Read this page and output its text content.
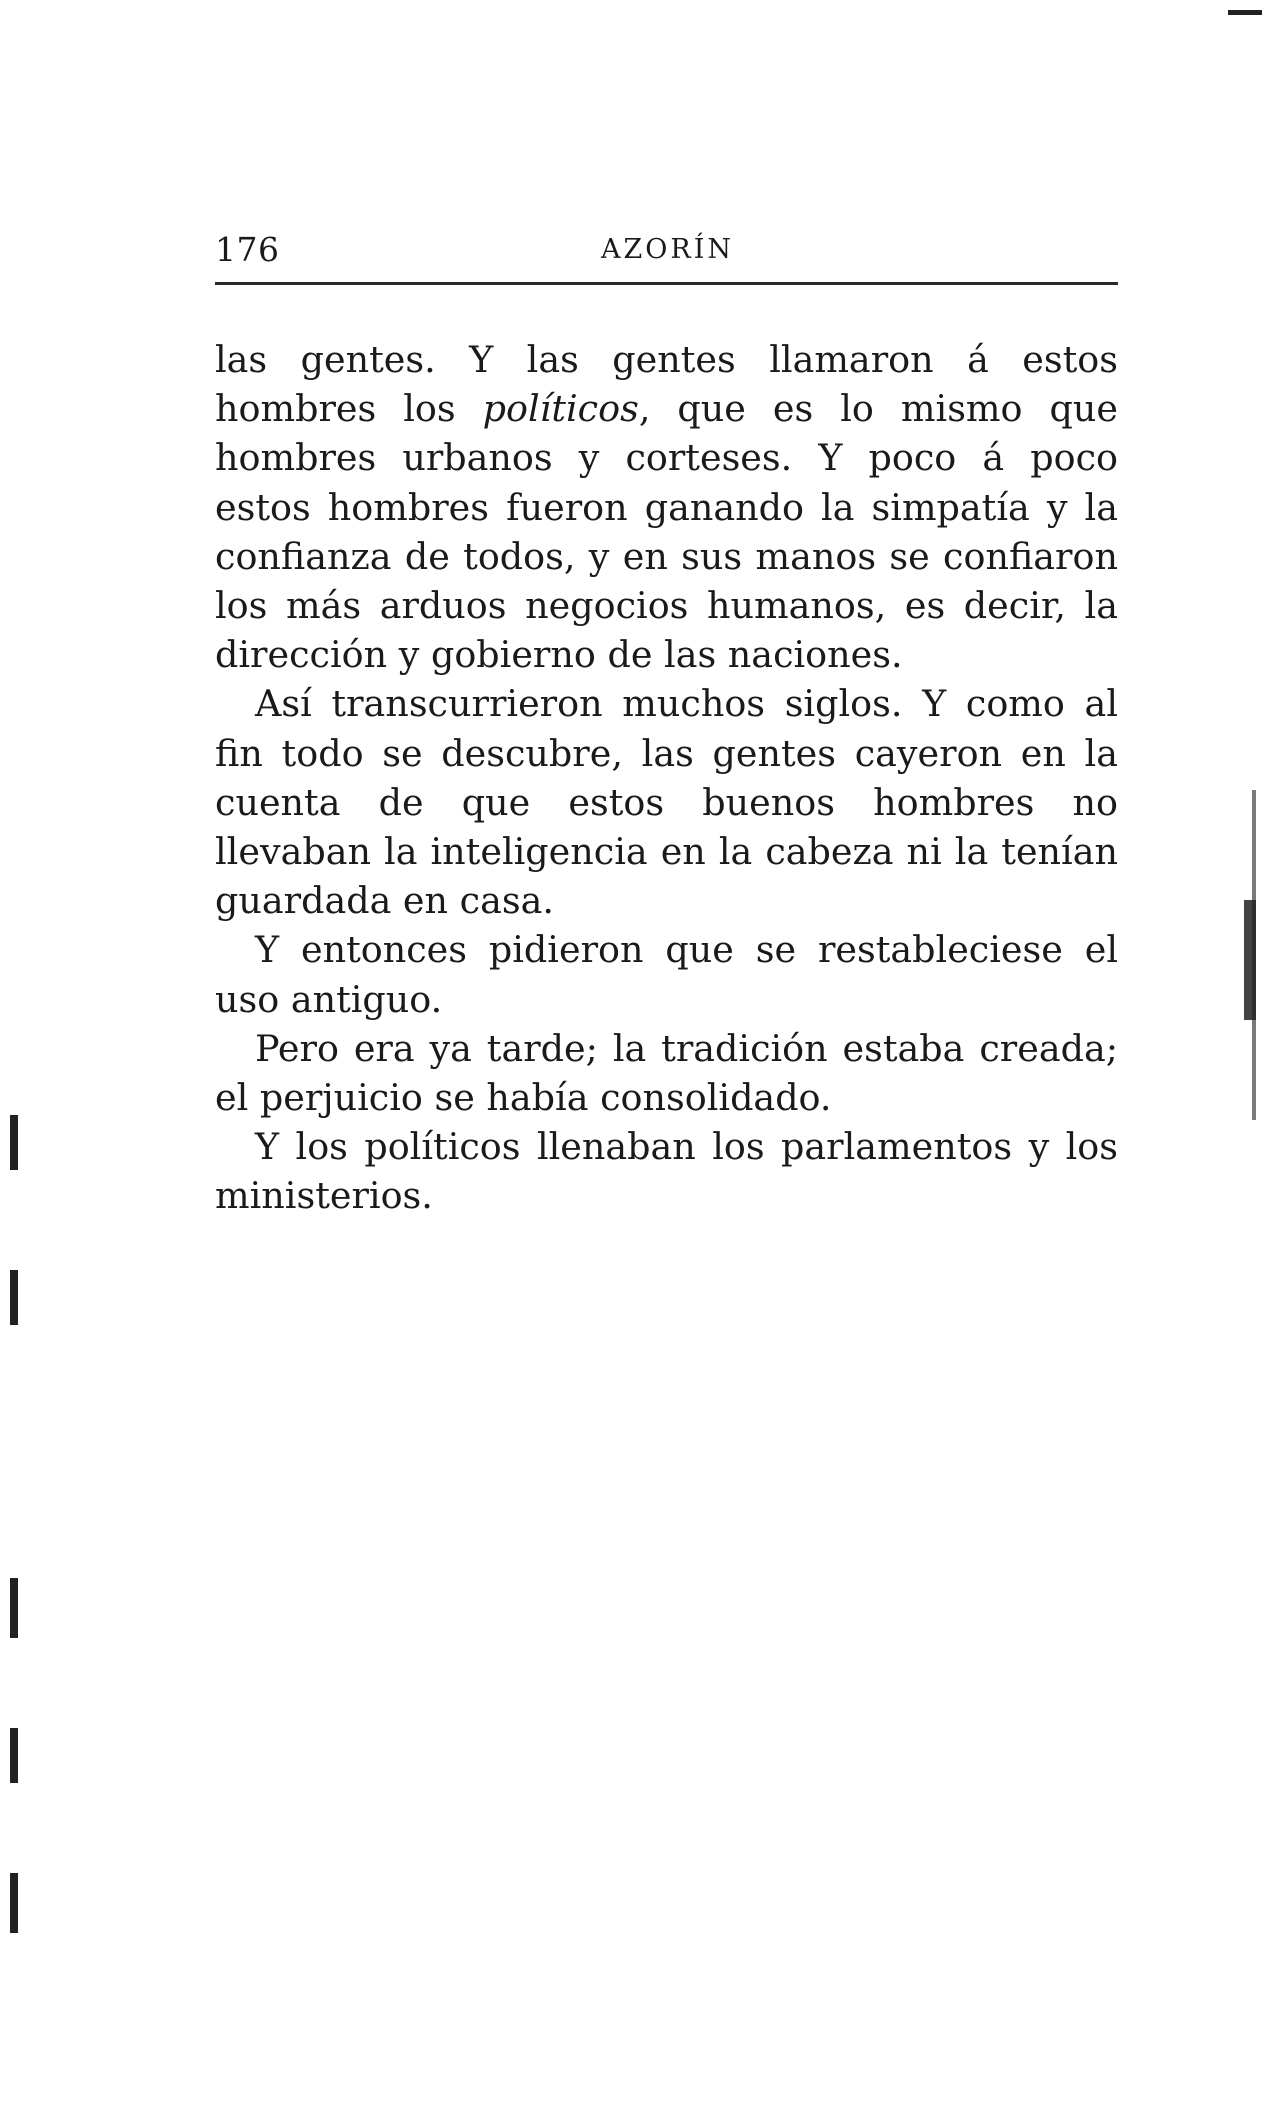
176	AZORÍN

las gentes. Y las gentes llamaron á estos hombres los políticos, que es lo mismo que hombres urbanos y corteses. Y poco á poco estos hombres fueron ganando la simpatía y la confianza de todos, y en sus manos se confiaron los más arduos negocios humanos, es decir, la dirección y gobierno de las naciones.

Así transcurrieron muchos siglos. Y como al fin todo se descubre, las gentes cayeron en la cuenta de que estos buenos hombres no llevaban la inteligencia en la cabeza ni la tenían guardada en casa.

Y entonces pidieron que se restableciese el uso antiguo.

Pero era ya tarde; la tradición estaba creada; el perjuicio se había consolidado.

Y los políticos llenaban los parlamentos y los ministerios.
